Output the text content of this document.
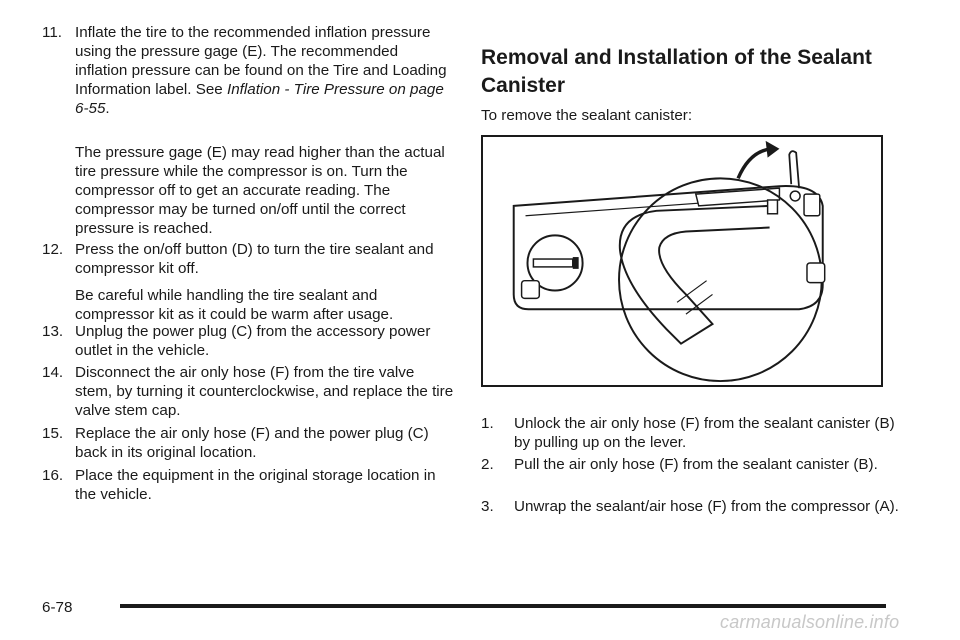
11. Inflate the tire to the recommended inflation pressure using the pressure gage (E). The recommended inflation pressure can be found on the Tire and Loading Information label. See Inflation - Tire Pressure on page 6-55.

The pressure gage (E) may read higher than the actual tire pressure while the compressor is on. Turn the compressor off to get an accurate reading. The compressor may be turned on/off until the correct pressure is reached.

12. Press the on/off button (D) to turn the tire sealant and compressor kit off.

Be careful while handling the tire sealant and compressor kit as it could be warm after usage.

13. Unplug the power plug (C) from the accessory power outlet in the vehicle.
14. Disconnect the air only hose (F) from the tire valve stem, by turning it counterclockwise, and replace the tire valve stem cap.
15. Replace the air only hose (F) and the power plug (C) back in its original location.
16. Place the equipment in the original storage location in the vehicle.
Removal and Installation of the Sealant Canister

To remove the sealant canister:

1.	Unlock the air only hose (F) from the sealant canister (B) by pulling up on the lever.
2.	Pull the air only hose (F) from the sealant canister (B).
3.	Unwrap the sealant/air hose (F) from the compressor (A).
6-78
carmanualsonline.info
